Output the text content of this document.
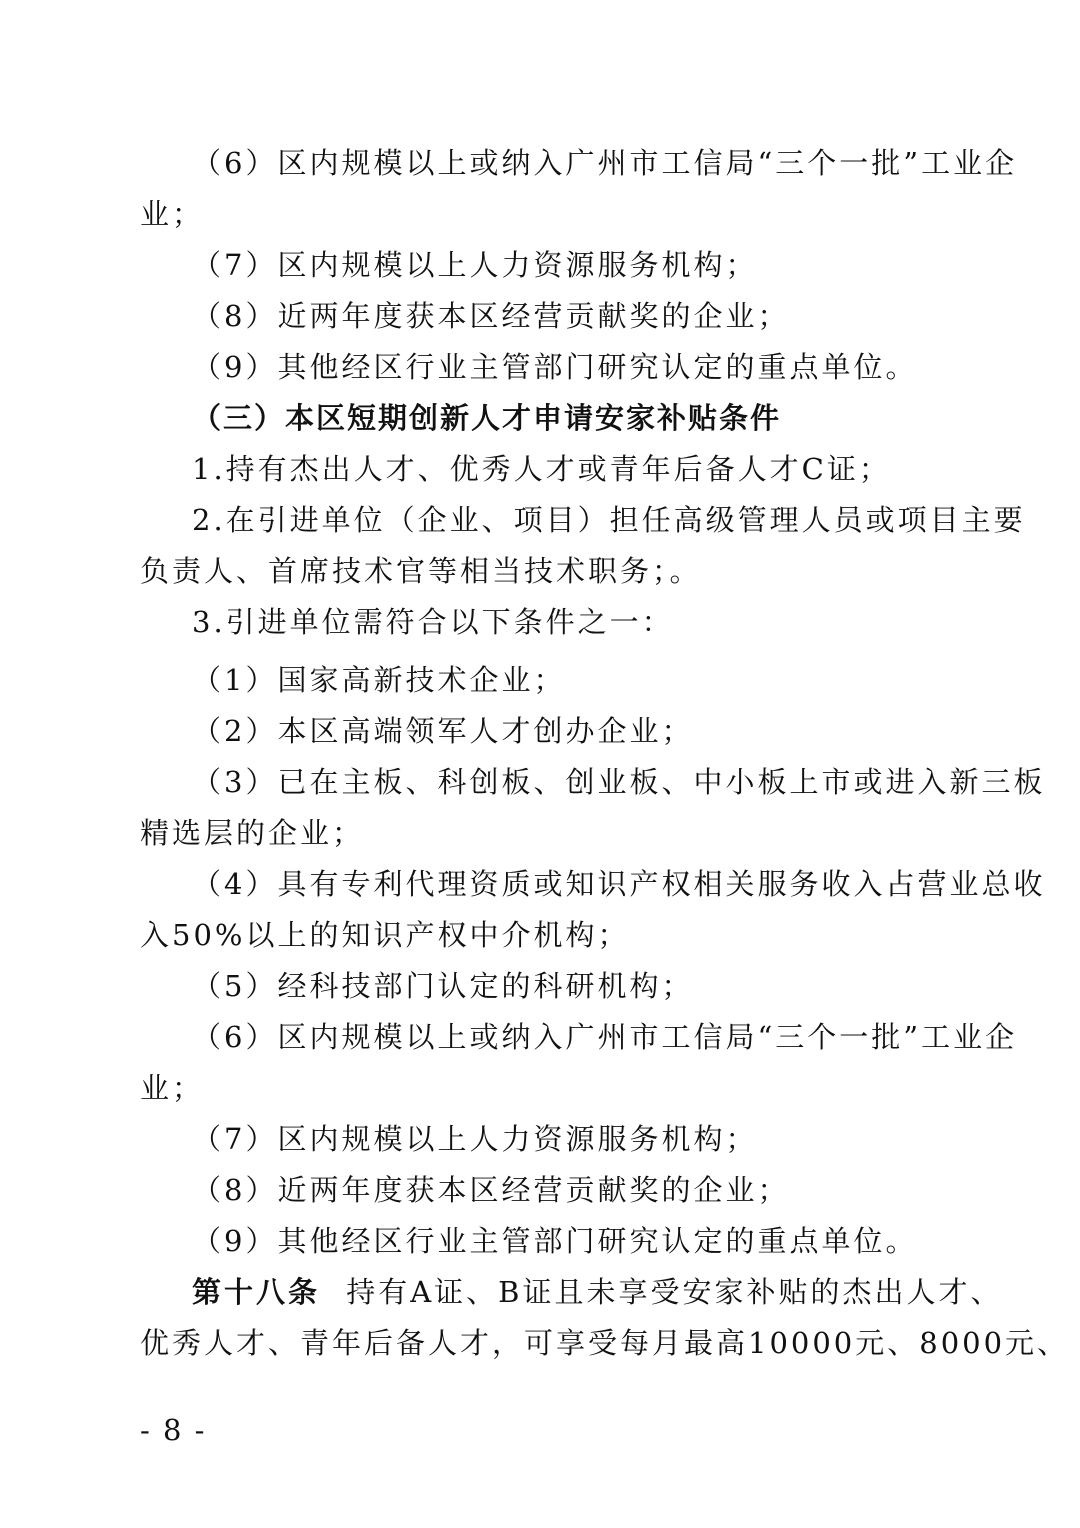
（6）区内规模以上或纳入广州市工信局“三个一批”工业企
业；
（7）区内规模以上人力资源服务机构；
（8）近两年度获本区经营贡献奖的企业；
（9）其他经区行业主管部门研究认定的重点单位。
（三）本区短期创新人才申请安家补贴条件
1.持有杰出人才、优秀人才或青年后备人才C证；
2.在引进单位（企业、项目）担任高级管理人员或项目主要
负责人、首席技术官等相当技术职务；。
3.引进单位需符合以下条件之一：
（1）国家高新技术企业；
（2）本区高端领军人才创办企业；
（3）已在主板、科创板、创业板、中小板上市或进入新三板
精选层的企业；
（4）具有专利代理资质或知识产权相关服务收入占营业总收
入50%以上的知识产权中介机构；
（5）经科技部门认定的科研机构；
（6）区内规模以上或纳入广州市工信局“三个一批”工业企
业；
（7）区内规模以上人力资源服务机构；
（8）近两年度获本区经营贡献奖的企业；
（9）其他经区行业主管部门研究认定的重点单位。
第十八条 持有A证、B证且未享受安家补贴的杰出人才、
优秀人才、青年后备人才，可享受每月最高10000元、8000元、
- 8 -
